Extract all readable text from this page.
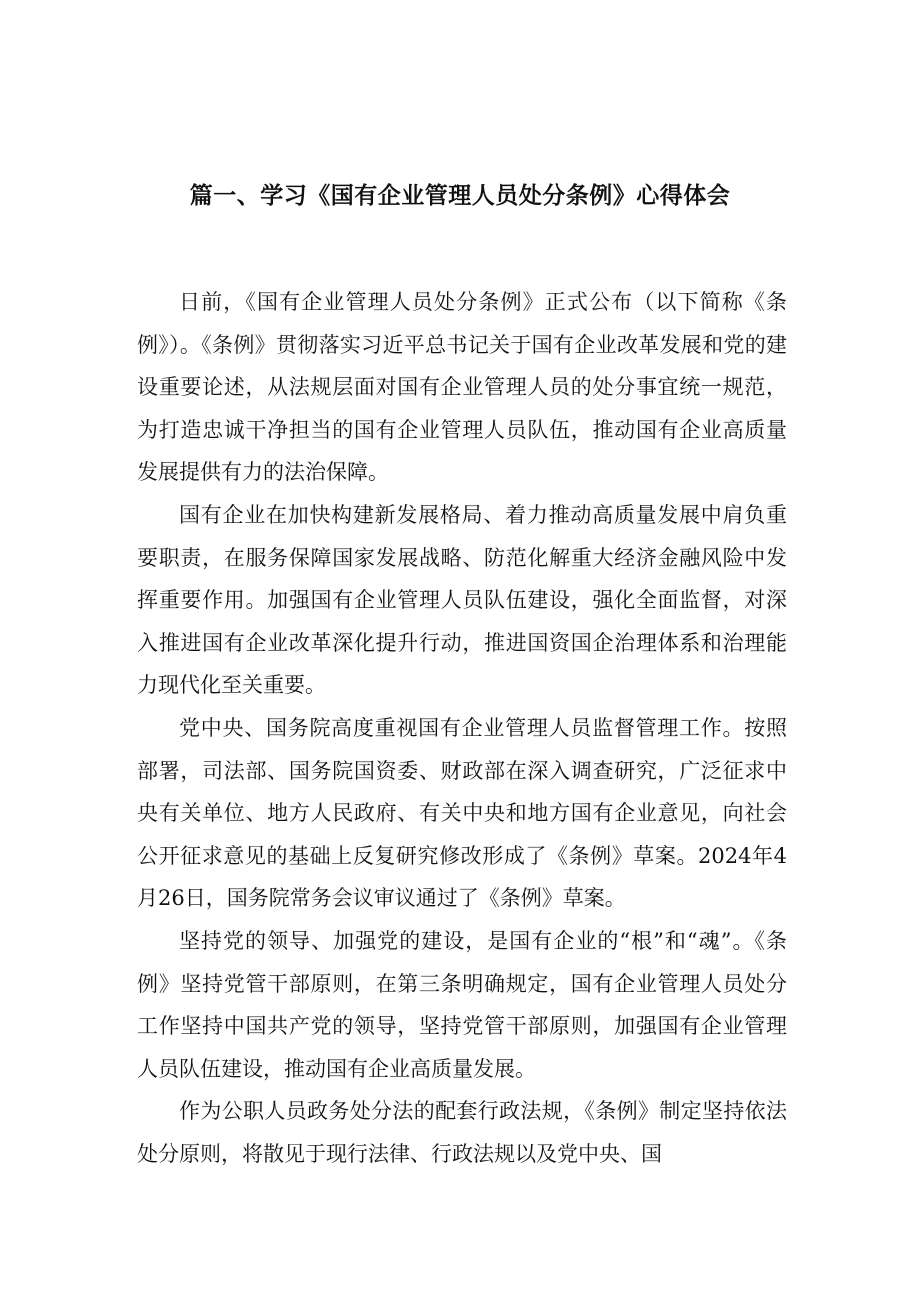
篇一、学习《国有企业管理人员处分条例》心得体会

日前，《国有企业管理人员处分条例》正式公布（以下简称《条例》）。《条例》贯彻落实习近平总书记关于国有企业改革发展和党的建设重要论述，从法规层面对国有企业管理人员的处分事宜统一规范，为打造忠诚干净担当的国有企业管理人员队伍，推动国有企业高质量发展提供有力的法治保障。

国有企业在加快构建新发展格局、着力推动高质量发展中肩负重要职责，在服务保障国家发展战略、防范化解重大经济金融风险中发挥重要作用。加强国有企业管理人员队伍建设，强化全面监督，对深入推进国有企业改革深化提升行动，推进国资国企治理体系和治理能力现代化至关重要。

党中央、国务院高度重视国有企业管理人员监督管理工作。按照部署，司法部、国务院国资委、财政部在深入调查研究，广泛征求中央有关单位、地方人民政府、有关中央和地方国有企业意见，向社会公开征求意见的基础上反复研究修改形成了《条例》草案。2024年4月26日，国务院常务会议审议通过了《条例》草案。

坚持党的领导、加强党的建设，是国有企业的“根”和“魂”。《条例》坚持党管干部原则，在第三条明确规定，国有企业管理人员处分工作坚持中国共产党的领导，坚持党管干部原则，加强国有企业管理人员队伍建设，推动国有企业高质量发展。

作为公职人员政务处分法的配套行政法规，《条例》制定坚持依法处分原则，将散见于现行法律、行政法规以及党中央、国
